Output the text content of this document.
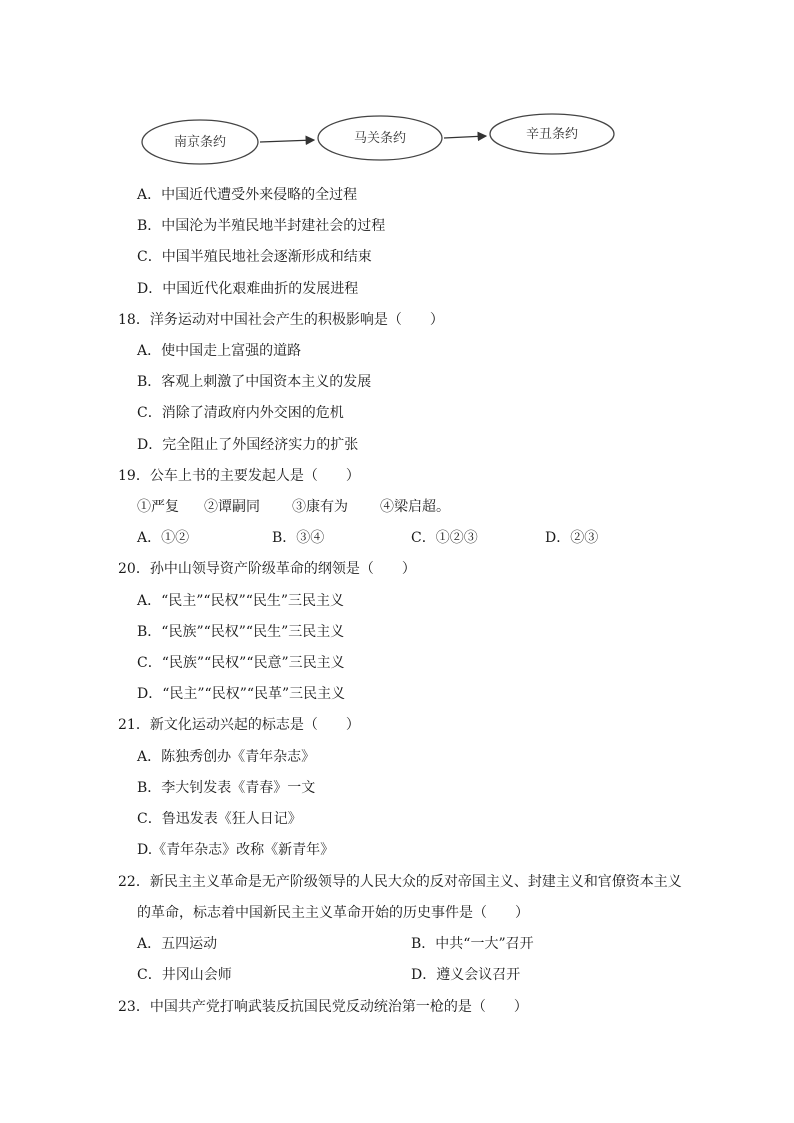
南京条约	马关条约	辛丑条约
A．中国近代遭受外来侵略的全过程
B．中国沦为半殖民地半封建社会的过程
C．中国半殖民地社会逐渐形成和结束
D．中国近代化艰难曲折的发展进程
18．洋务运动对中国社会产生的积极影响是（　　）
A．使中国走上富强的道路
B．客观上刺激了中国资本主义的发展
C．消除了清政府内外交困的危机
D．完全阻止了外国经济实力的扩张
19．公车上书的主要发起人是（　　）
①严复 ②谭嗣同 ③康有为 ④梁启超。
A．①②	B．③④	C．①②③	D．②③
20．孙中山领导资产阶级革命的纲领是（　　）
A．“民主”“民权”“民生”三民主义
B．“民族”“民权”“民生”三民主义
C．“民族”“民权”“民意”三民主义
D．“民主”“民权”“民革”三民主义
21．新文化运动兴起的标志是（　　）
A．陈独秀创办《青年杂志》
B．李大钊发表《青春》一文
C．鲁迅发表《狂人日记》
D.《青年杂志》改称《新青年》
22．新民主主义革命是无产阶级领导的人民大众的反对帝国主义、封建主义和官僚资本主义
的革命，标志着中国新民主主义革命开始的历史事件是（　　）
A．五四运动	B．中共“一大”召开
C．井冈山会师	D．遵义会议召开
23．中国共产党打响武装反抗国民党反动统治第一枪的是（　　）
